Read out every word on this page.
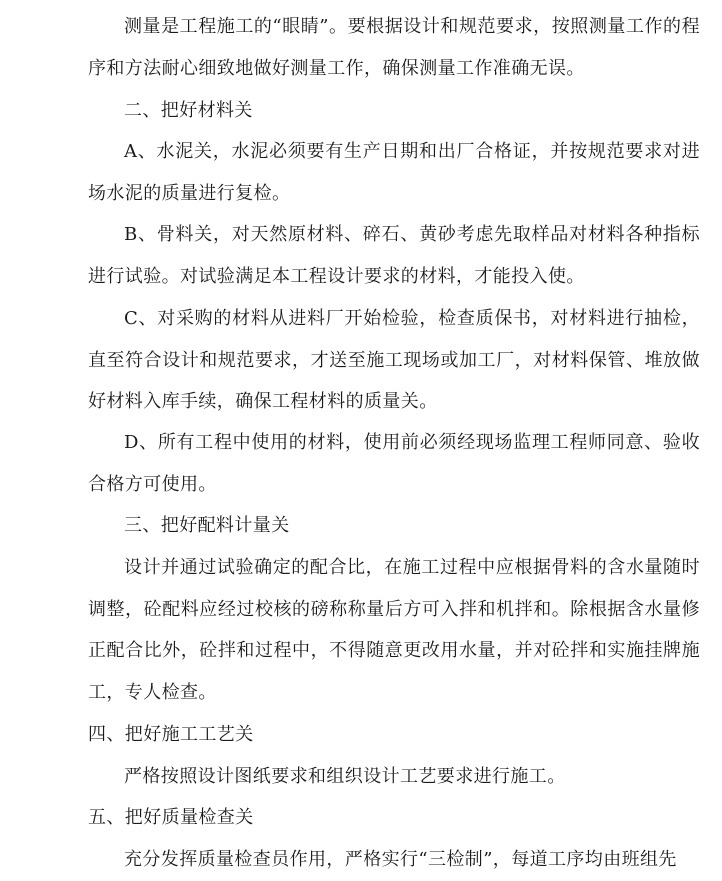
测量是工程施工的“眼睛”。要根据设计和规范要求，按照测量工作的程序和方法耐心细致地做好测量工作，确保测量工作准确无误。

二、把好材料关

A、水泥关，水泥必须要有生产日期和出厂合格证，并按规范要求对进场水泥的质量进行复检。

B、骨料关，对天然原材料、碎石、黄砂考虑先取样品对材料各种指标进行试验。对试验满足本工程设计要求的材料，才能投入使。

C、对采购的材料从进料厂开始检验，检查质保书，对材料进行抽检，直至符合设计和规范要求，才送至施工现场或加工厂，对材料保管、堆放做好材料入库手续，确保工程材料的质量关。

D、所有工程中使用的材料，使用前必须经现场监理工程师同意、验收合格方可使用。

三、把好配料计量关

设计并通过试验确定的配合比，在施工过程中应根据骨料的含水量随时调整，砼配料应经过校核的磅称称量后方可入拌和机拌和。除根据含水量修正配合比外，砼拌和过程中，不得随意更改用水量，并对砼拌和实施挂牌施工，专人检查。

四、把好施工工艺关

严格按照设计图纸要求和组织设计工艺要求进行施工。

五、把好质量检查关

充分发挥质量检查员作用，严格实行“三检制”，每道工序均由班组先
